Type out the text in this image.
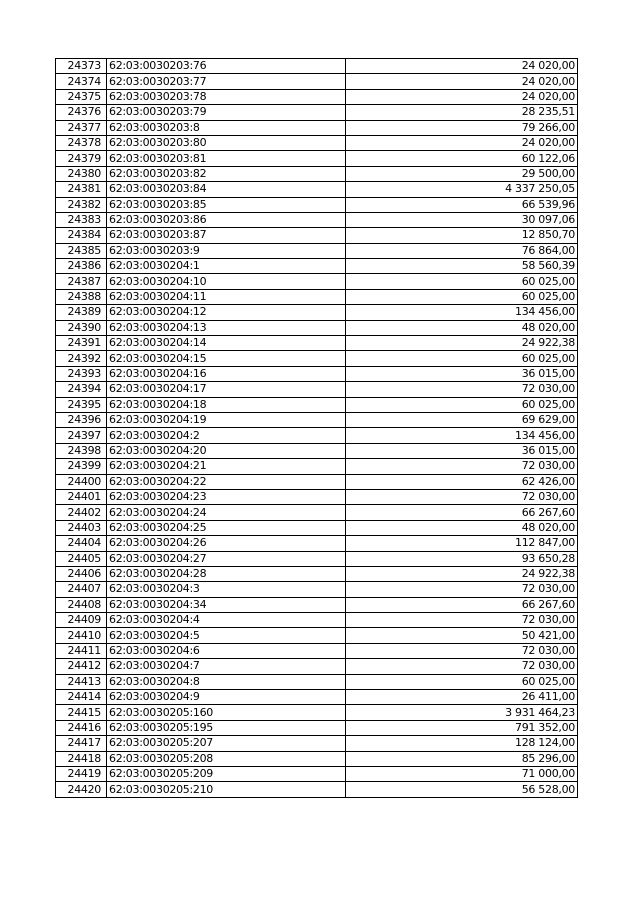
24373	62:03:0030203:76	24 020,00
24374	62:03:0030203:77	24 020,00
24375	62:03:0030203:78	24 020,00
24376	62:03:0030203:79	28 235,51
24377	62:03:0030203:8	79 266,00
24378	62:03:0030203:80	24 020,00
24379	62:03:0030203:81	60 122,06
24380	62:03:0030203:82	29 500,00
24381	62:03:0030203:84	4 337 250,05
24382	62:03:0030203:85	66 539,96
24383	62:03:0030203:86	30 097,06
24384	62:03:0030203:87	12 850,70
24385	62:03:0030203:9	76 864,00
24386	62:03:0030204:1	58 560,39
24387	62:03:0030204:10	60 025,00
24388	62:03:0030204:11	60 025,00
24389	62:03:0030204:12	134 456,00
24390	62:03:0030204:13	48 020,00
24391	62:03:0030204:14	24 922,38
24392	62:03:0030204:15	60 025,00
24393	62:03:0030204:16	36 015,00
24394	62:03:0030204:17	72 030,00
24395	62:03:0030204:18	60 025,00
24396	62:03:0030204:19	69 629,00
24397	62:03:0030204:2	134 456,00
24398	62:03:0030204:20	36 015,00
24399	62:03:0030204:21	72 030,00
24400	62:03:0030204:22	62 426,00
24401	62:03:0030204:23	72 030,00
24402	62:03:0030204:24	66 267,60
24403	62:03:0030204:25	48 020,00
24404	62:03:0030204:26	112 847,00
24405	62:03:0030204:27	93 650,28
24406	62:03:0030204:28	24 922,38
24407	62:03:0030204:3	72 030,00
24408	62:03:0030204:34	66 267,60
24409	62:03:0030204:4	72 030,00
24410	62:03:0030204:5	50 421,00
24411	62:03:0030204:6	72 030,00
24412	62:03:0030204:7	72 030,00
24413	62:03:0030204:8	60 025,00
24414	62:03:0030204:9	26 411,00
24415	62:03:0030205:160	3 931 464,23
24416	62:03:0030205:195	791 352,00
24417	62:03:0030205:207	128 124,00
24418	62:03:0030205:208	85 296,00
24419	62:03:0030205:209	71 000,00
24420	62:03:0030205:210	56 528,00
